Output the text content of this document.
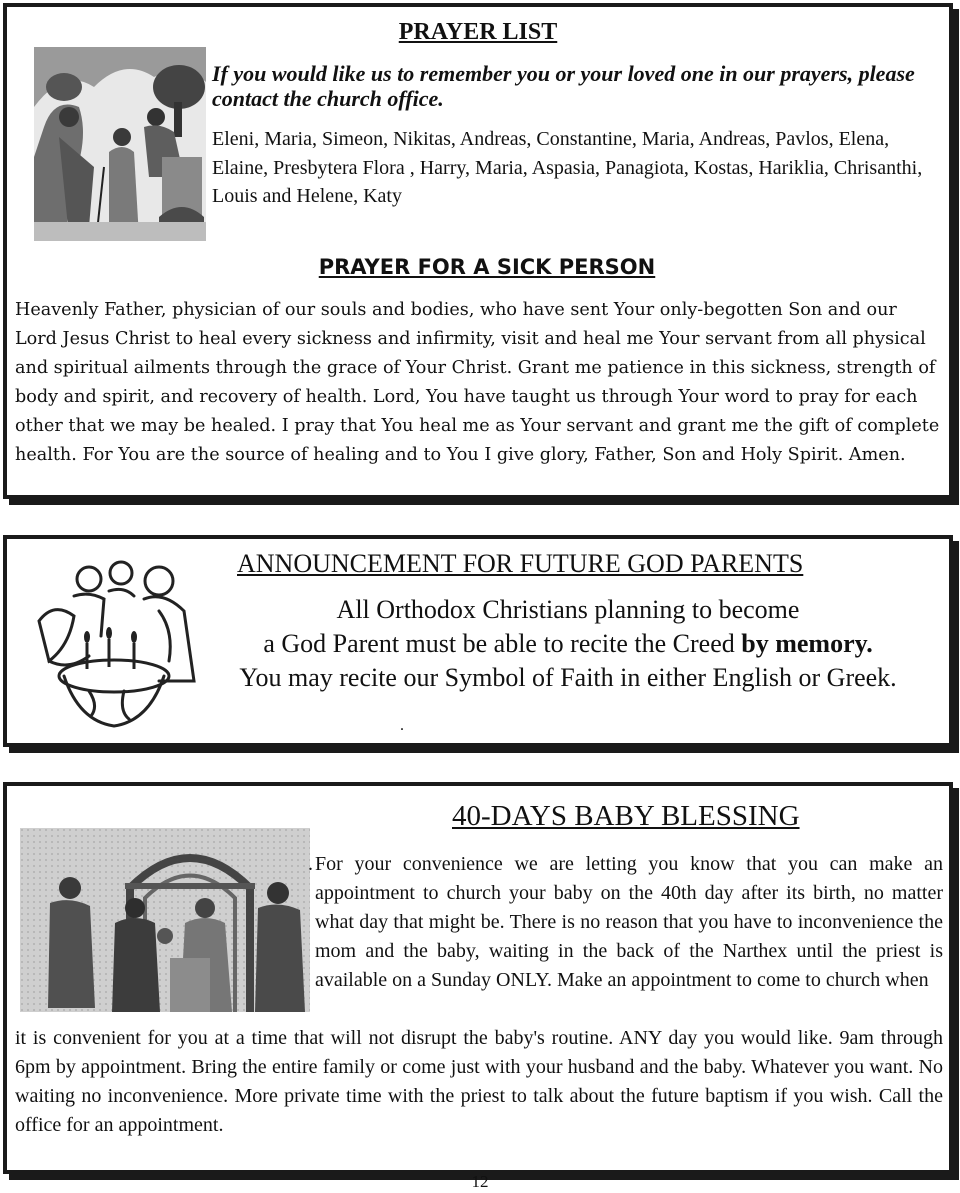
PRAYER LIST
If you would like us to remember you or your loved one in our prayers, please contact the church office.
Eleni, Maria, Simeon, Nikitas, Andreas, Constantine, Maria, Andreas, Pavlos, Elena, Elaine, Presbytera Flora , Harry, Maria, Aspasia, Panagiota, Kostas, Hariklia, Chrisanthi, Louis and Helene, Katy
PRAYER FOR A SICK PERSON
Heavenly Father, physician of our souls and bodies, who have sent Your only-begotten Son and our Lord Jesus Christ to heal every sickness and infirmity, visit and heal me Your servant from all physical and spiritual ailments through the grace of Your Christ. Grant me patience in this sickness, strength of body and spirit, and recovery of health. Lord, You have taught us through Your word to pray for each other that we may be healed. I pray that You heal me as Your servant and grant me the gift of complete health. For You are the source of healing and to You I give glory, Father, Son and Holy Spirit. Amen.
ANNOUNCEMENT FOR FUTURE GOD PARENTS
All Orthodox Christians planning to become
a God Parent must be able to recite the Creed by memory.
You may recite our Symbol of Faith in either English or Greek.
.
40-DAYS BABY BLESSING
. For your convenience we are letting you know that you can make an appointment to church your baby on the 40th day after its birth, no matter what day that might be. There is no reason that you have to inconvenience the mom and the baby, waiting in the back of the Narthex until the priest is available on a Sunday ONLY. Make an appointment to come to church when
it is convenient for you at a time that will not disrupt the baby's routine. ANY day you would like. 9am through 6pm by appointment. Bring the entire family or come just with your husband and the baby. Whatever you want. No waiting no inconvenience. More private time with the priest to talk about the future baptism if you wish. Call the office for an appointment.
12
